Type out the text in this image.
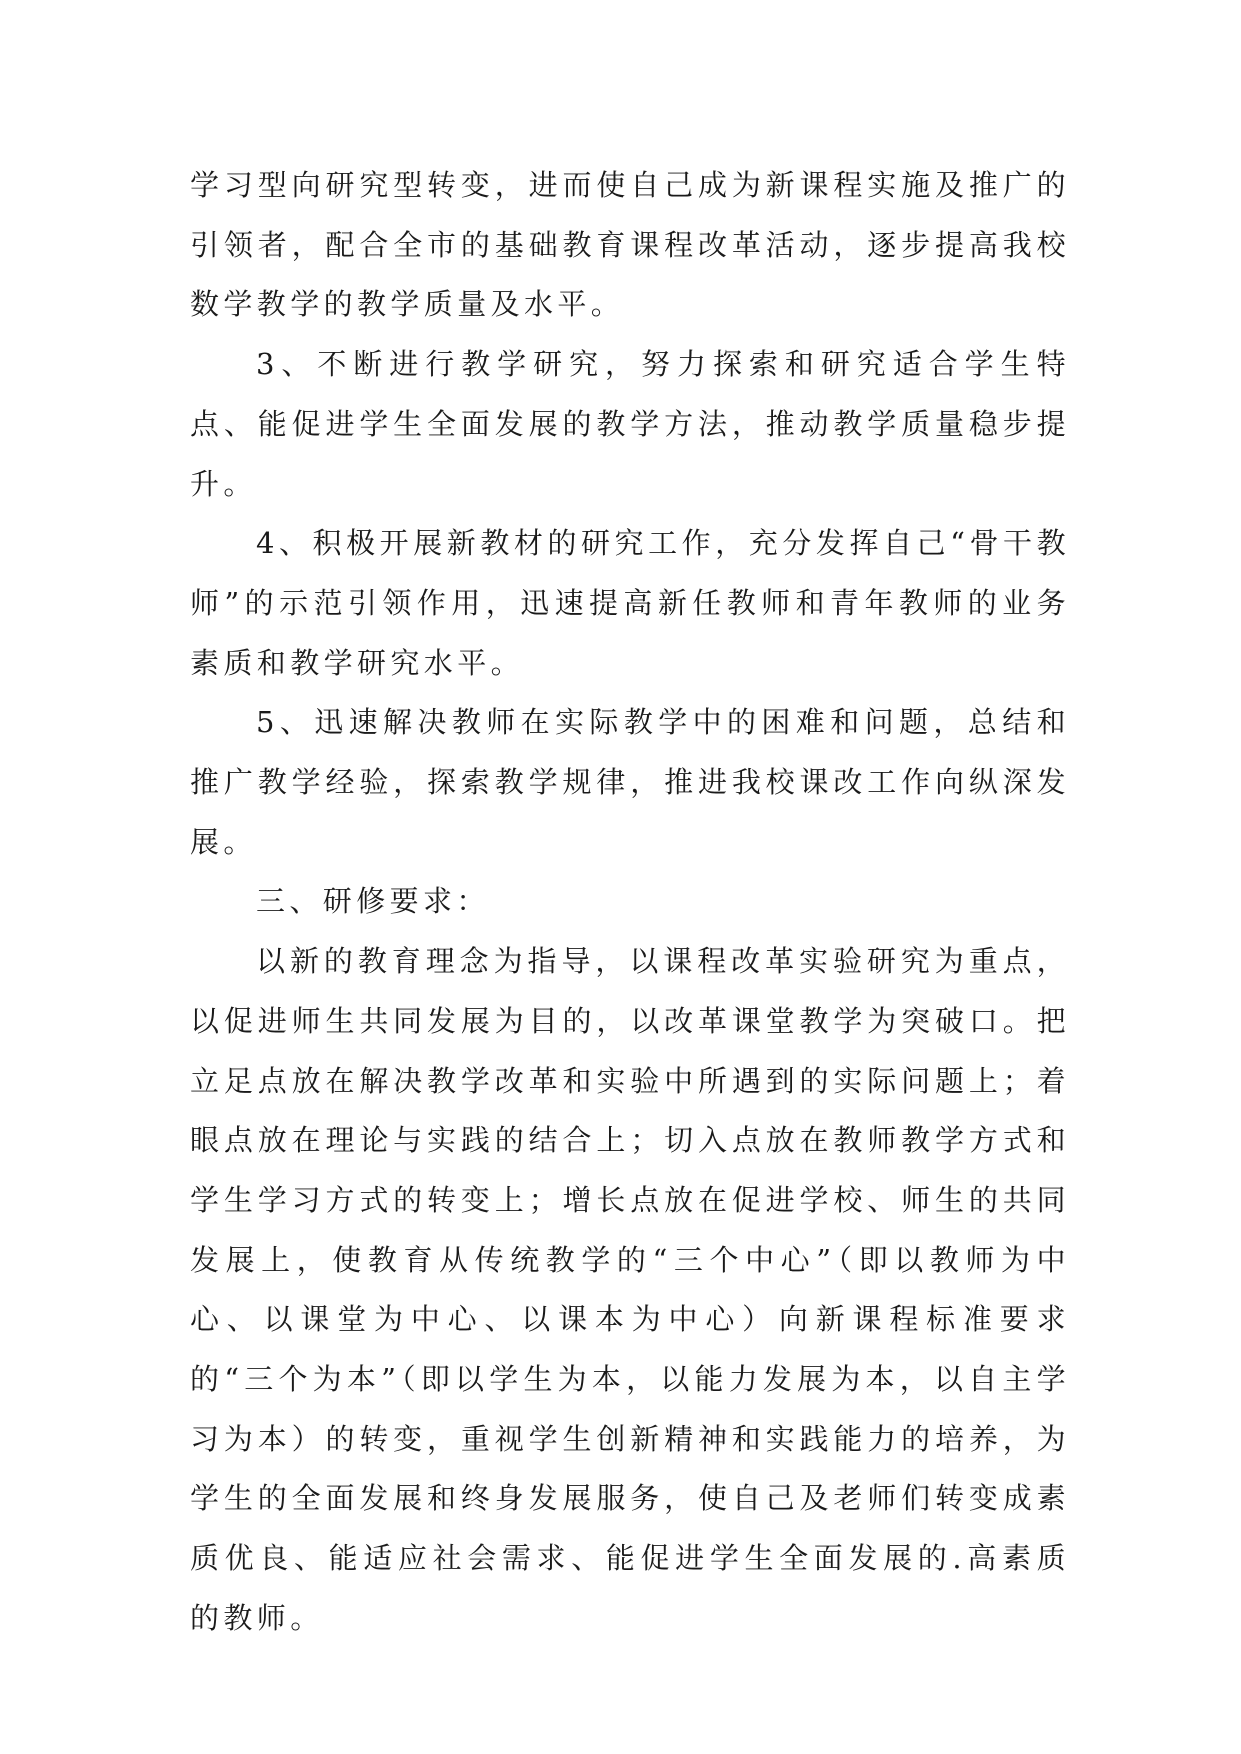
学习型向研究型转变，进而使自己成为新课程实施及推广的引领者，配合全市的基础教育课程改革活动，逐步提高我校数学教学的教学质量及水平。

3、不断进行教学研究，努力探索和研究适合学生特点、能促进学生全面发展的教学方法，推动教学质量稳步提升。

4、积极开展新教材的研究工作，充分发挥自己“骨干教师”的示范引领作用，迅速提高新任教师和青年教师的业务素质和教学研究水平。

5、迅速解决教师在实际教学中的困难和问题，总结和推广教学经验，探索教学规律，推进我校课改工作向纵深发展。

三、研修要求：

以新的教育理念为指导，以课程改革实验研究为重点，以促进师生共同发展为目的，以改革课堂教学为突破口。把立足点放在解决教学改革和实验中所遇到的实际问题上；着眼点放在理论与实践的结合上；切入点放在教师教学方式和学生学习方式的转变上；增长点放在促进学校、师生的共同发展上，使教育从传统教学的“三个中心”（即以教师为中心、以课堂为中心、以课本为中心）向新课程标准要求的“三个为本”（即以学生为本，以能力发展为本，以自主学习为本）的转变，重视学生创新精神和实践能力的培养，为学生的全面发展和终身发展服务，使自己及老师们转变成素质优良、能适应社会需求、能促进学生全面发展的.高素质的教师。
